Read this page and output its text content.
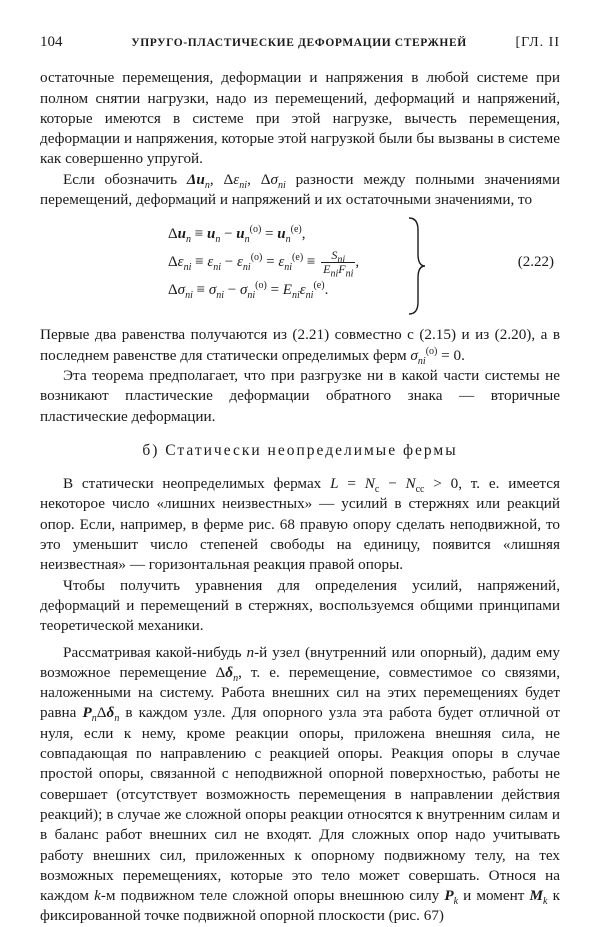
104	УПРУГО-ПЛАСТИЧЕСКИЕ ДЕФОРМАЦИИ СТЕРЖНЕЙ	[ГЛ. II

остаточные перемещения, деформации и напряжения в любой системе при полном снятии нагрузки, надо из перемещений, деформаций и напряжений, которые имеются в системе при этой нагрузке, вычесть перемещения, деформации и напряжения, которые этой нагрузкой были бы вызваны в системе как совершенно упругой.

Если обозначить $\Delta u_n$, $\Delta\varepsilon_{ni}$, $\Delta\sigma_{ni}$ разности между полными значениями перемещений, деформаций и напряжений и их остаточными значениями, то

$\Delta u_n \equiv u_n - u_n^{(o)} = u_n^{(e)}$,
$\Delta\varepsilon_{ni} \equiv \varepsilon_{ni} - \varepsilon_{ni}^{(o)} = \varepsilon_{ni}^{(e)} \equiv \frac{S_{ni}}{E_{ni}F_{ni}}$ ,
$\Delta\sigma_{ni} \equiv \sigma_{ni} - \sigma_{ni}^{(o)} = E_{ni}\varepsilon_{ni}^{(e)}$.
(2.22)

Первые два равенства получаются из (2.21) совместно с (2.15) и из (2.20), а в последнем равенстве для статически определимых ферм $\sigma_{ni}^{(o)} = 0$.

Эта теорема предполагает, что при разгрузке ни в какой части системы не возникают пластические деформации обратного знака — вторичные пластические деформации.

б) Статически неопределимые фермы

В статически неопределимых фермах $L = N_c - N_{cc} > 0$, т. е. имеется некоторое число «лишних неизвестных» — усилий в стержнях или реакций опор. Если, например, в ферме рис. 68 правую опору сделать неподвижной, то это уменьшит число степеней свободы на единицу, появится «лишняя неизвестная» — горизонтальная реакция правой опоры.

Чтобы получить уравнения для определения усилий, напряжений, деформаций и перемещений в стержнях, воспользуемся общими принципами теоретической механики.

Рассматривая какой-нибудь n-й узел (внутренний или опорный), дадим ему возможное перемещение $\Delta\delta_n$, т. е. перемещение, совместимое со связями, наложенными на систему. Работа внешних сил на этих перемещениях будет равна $P_n\Delta\delta_n$ в каждом узле. Для опорного узла эта работа будет отличной от нуля, если к нему, кроме реакции опоры, приложена внешняя сила, не совпадающая по направлению с реакцией опоры. Реакция опоры в случае простой опоры, связанной с неподвижной опорной поверхностью, работы не совершает (отсутствует возможность перемещения в направлении действия реакций); в случае же сложной опоры реакции относятся к внутренним силам и в баланс работ внешних сил не входят. Для сложных опор надо учитывать работу внешних сил, приложенных к опорному подвижному телу, на тех возможных перемещениях, которые это тело может совершать. Относя на каждом k-м подвижном теле сложной опоры внешнюю силу $P_k$ и момент $M_k$ к фиксированной точке подвижной опорной плоскости (рис. 67)
